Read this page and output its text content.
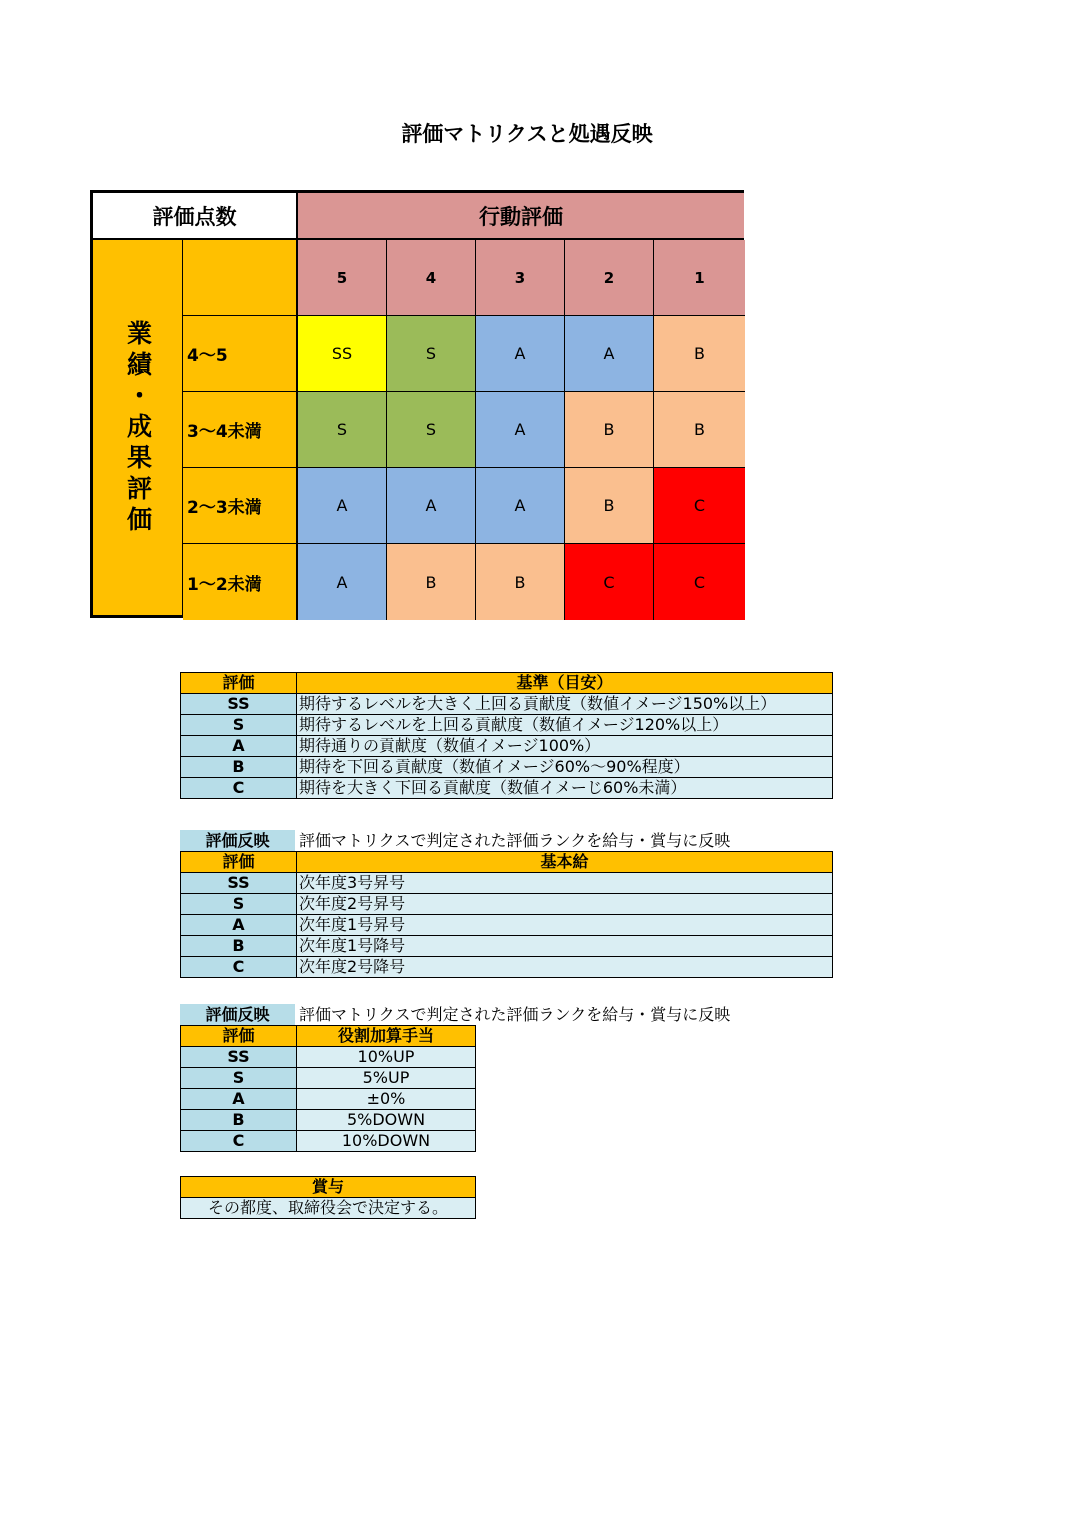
評価マトリクスと処遇反映
評価点数	行動評価
業績・成果評価
5	4	3	2	1
4～5	SS	S	A	A	B
3～4未満	S	S	A	B	B
2～3未満	A	A	A	B	C
1～2未満	A	B	B	C	C
評価	基準（目安）
SS	期待するレベルを大きく上回る貢献度（数値イメージ150%以上）
S	期待するレベルを上回る貢献度（数値イメージ120%以上）
A	期待通りの貢献度（数値イメージ100%）
B	期待を下回る貢献度（数値イメージ60%～90%程度）
C	期待を大きく下回る貢献度（数値イメーじ60%未満）
評価反映 評価マトリクスで判定された評価ランクを給与・賞与に反映
評価	基本給
SS	次年度3号昇号
S	次年度2号昇号
A	次年度1号昇号
B	次年度1号降号
C	次年度2号降号
評価反映 評価マトリクスで判定された評価ランクを給与・賞与に反映
評価	役割加算手当
SS	10%UP
S	5%UP
A	±0%
B	5%DOWN
C	10%DOWN
賞与
その都度、取締役会で決定する。
